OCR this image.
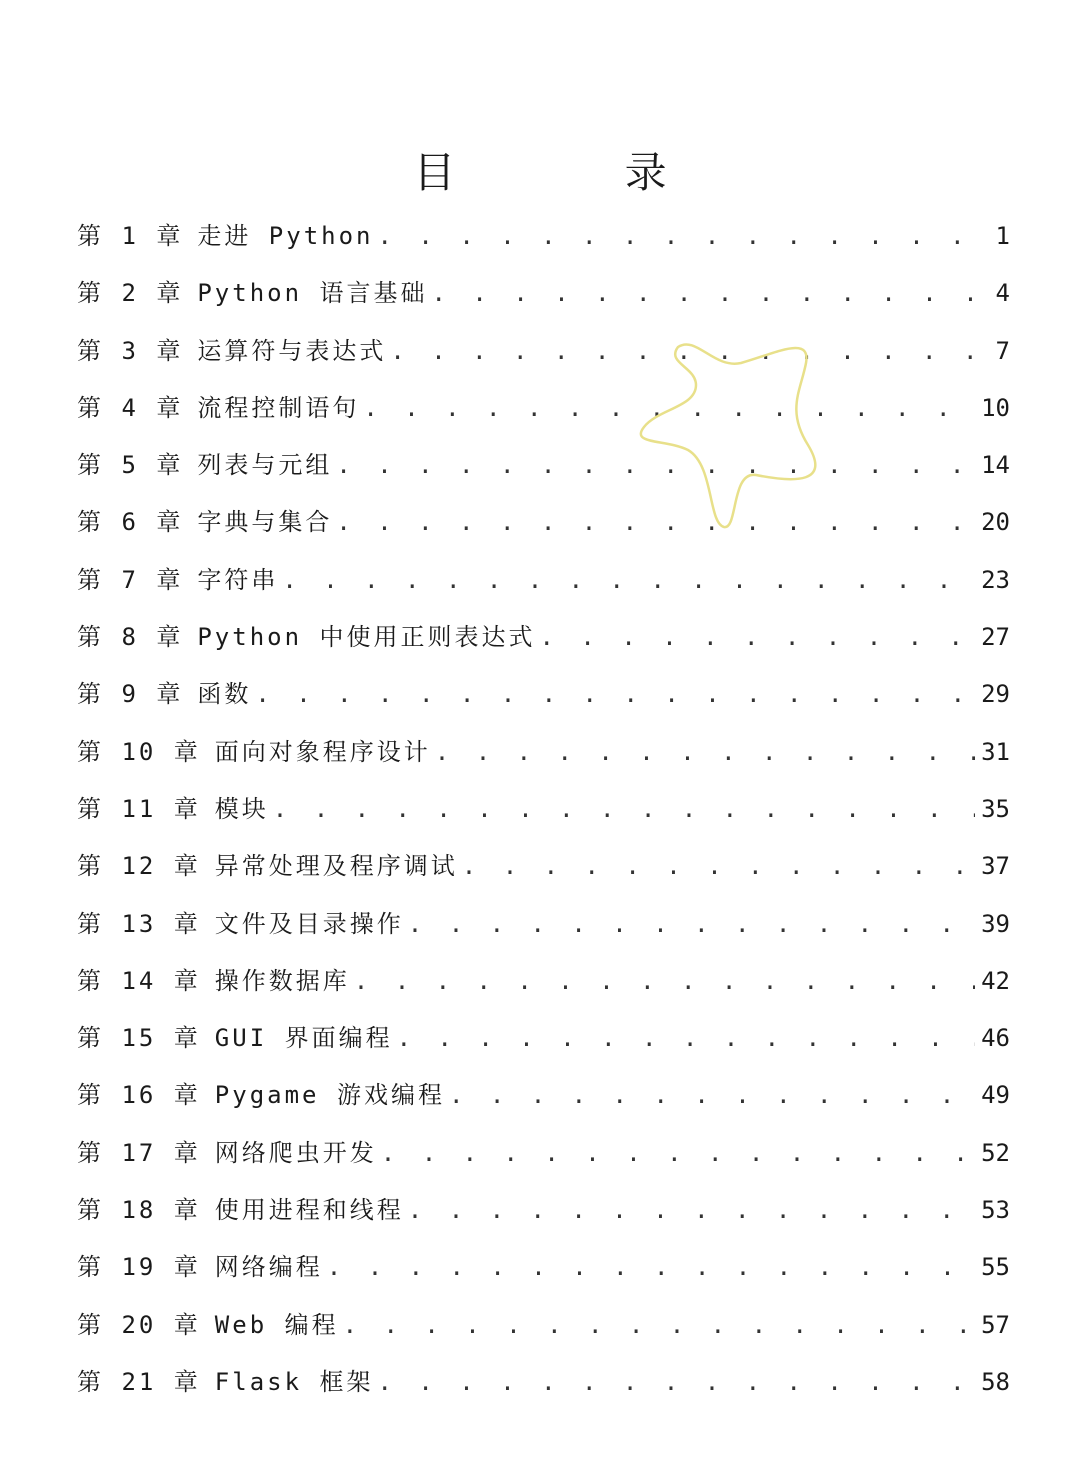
目 录
第 1 章 走进 Python . . .	1
第 2 章 Python 语言基础 . . .	4
第 3 章 运算符与表达式 . . .	7
第 4 章 流程控制语句 . . .	10
第 5 章 列表与元组 . . .	14
第 6 章 字典与集合 . . .	20
第 7 章 字符串 . . .	23
第 8 章 Python 中使用正则表达式 . . .	27
第 9 章 函数 . . .	29
第 10 章 面向对象程序设计 . . .	31
第 11 章 模块 . . .	35
第 12 章 异常处理及程序调试 . . .	37
第 13 章 文件及目录操作 . . .	39
第 14 章 操作数据库 . . .	42
第 15 章 GUI 界面编程 . . .	46
第 16 章 Pygame 游戏编程 . . .	49
第 17 章 网络爬虫开发 . . .	52
第 18 章 使用进程和线程 . . .	53
第 19 章 网络编程 . . .	55
第 20 章 Web 编程 . . .	57
第 21 章 Flask 框架 . . .	58
